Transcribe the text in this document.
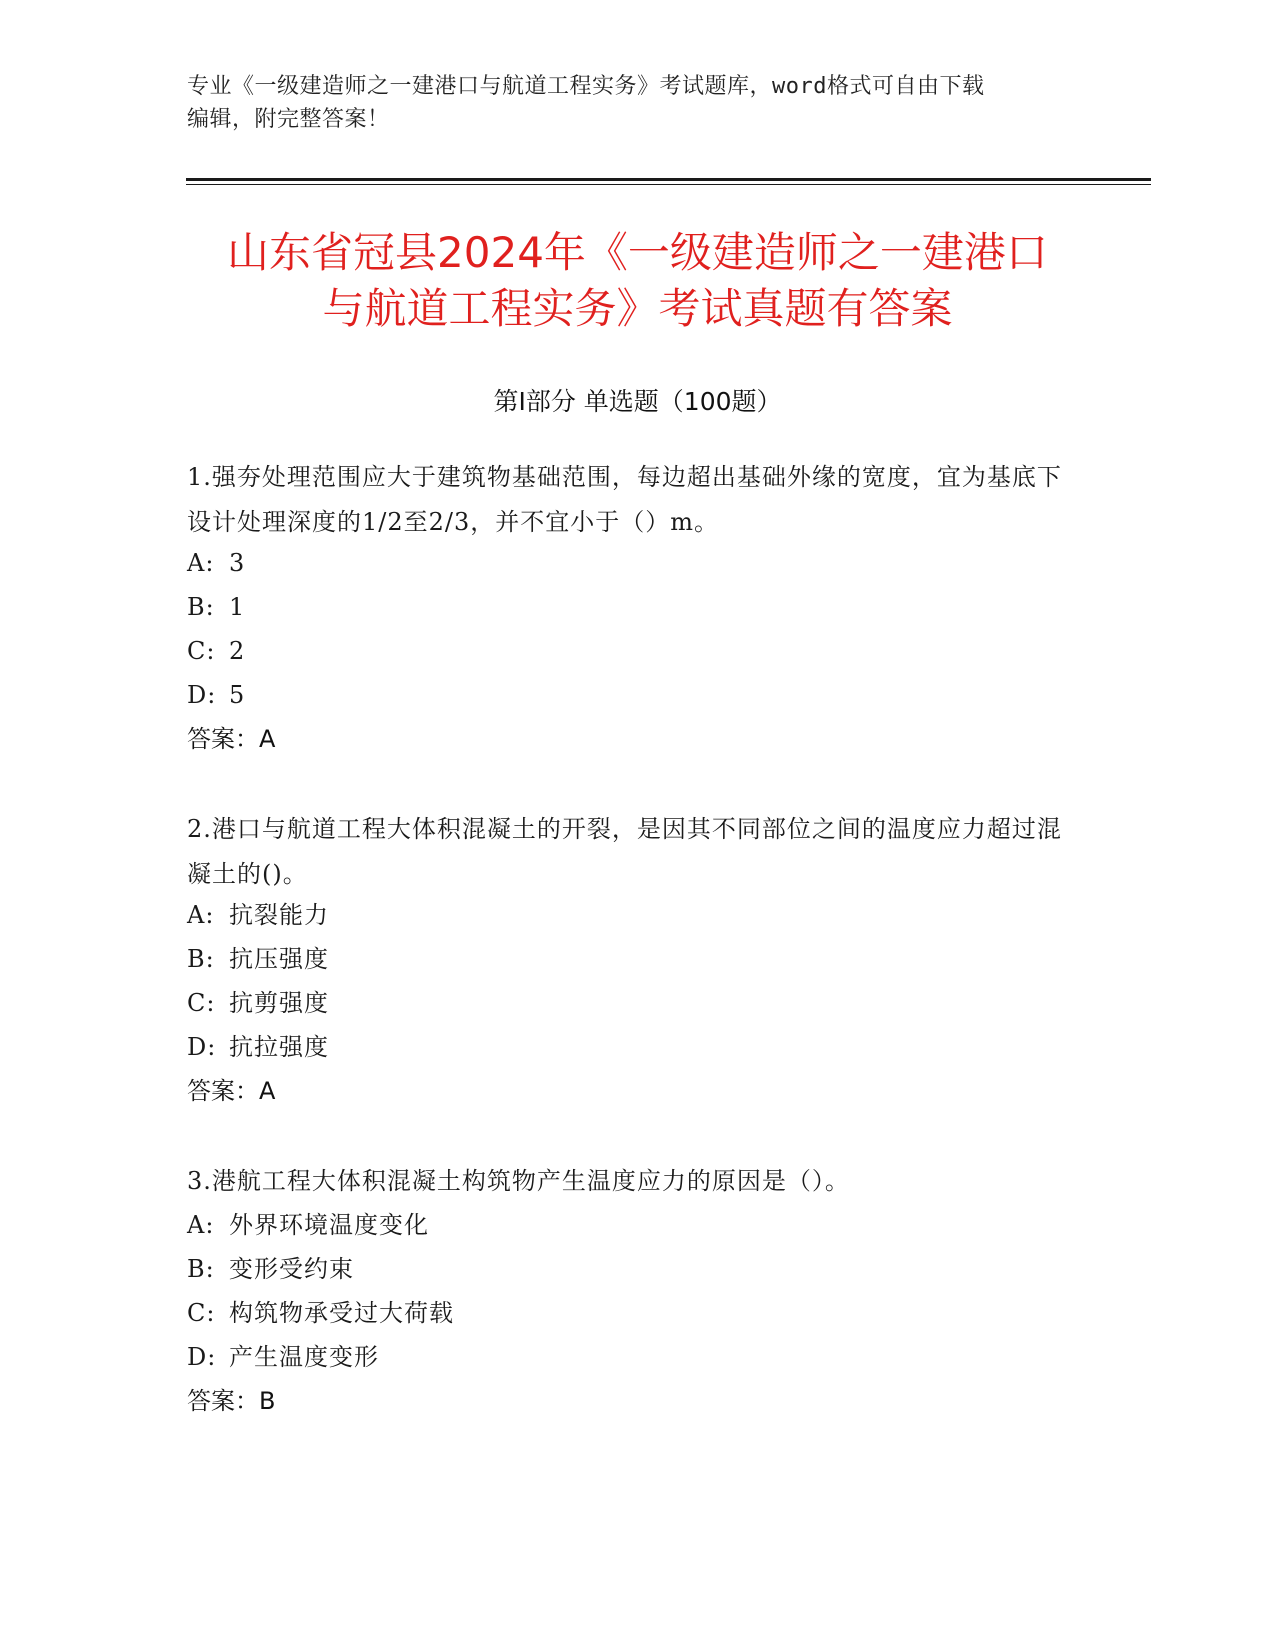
专业《一级建造师之一建港口与航道工程实务》考试题库，word格式可自由下载
编辑，附完整答案！
山东省冠县2024年《一级建造师之一建港口
与航道工程实务》考试真题有答案
第Ⅰ部分 单选题（100题）
1.强夯处理范围应大于建筑物基础范围，每边超出基础外缘的宽度，宜为基底下设计处理深度的1/2至2/3，并不宜小于（）m。
A: 3
B: 1
C: 2
D: 5
答案：A
2.港口与航道工程大体积混凝土的开裂，是因其不同部位之间的温度应力超过混凝土的()。
A: 抗裂能力
B: 抗压强度
C: 抗剪强度
D: 抗拉强度
答案：A
3.港航工程大体积混凝土构筑物产生温度应力的原因是（）。
A: 外界环境温度变化
B: 变形受约束
C: 构筑物承受过大荷载
D: 产生温度变形
答案：B
